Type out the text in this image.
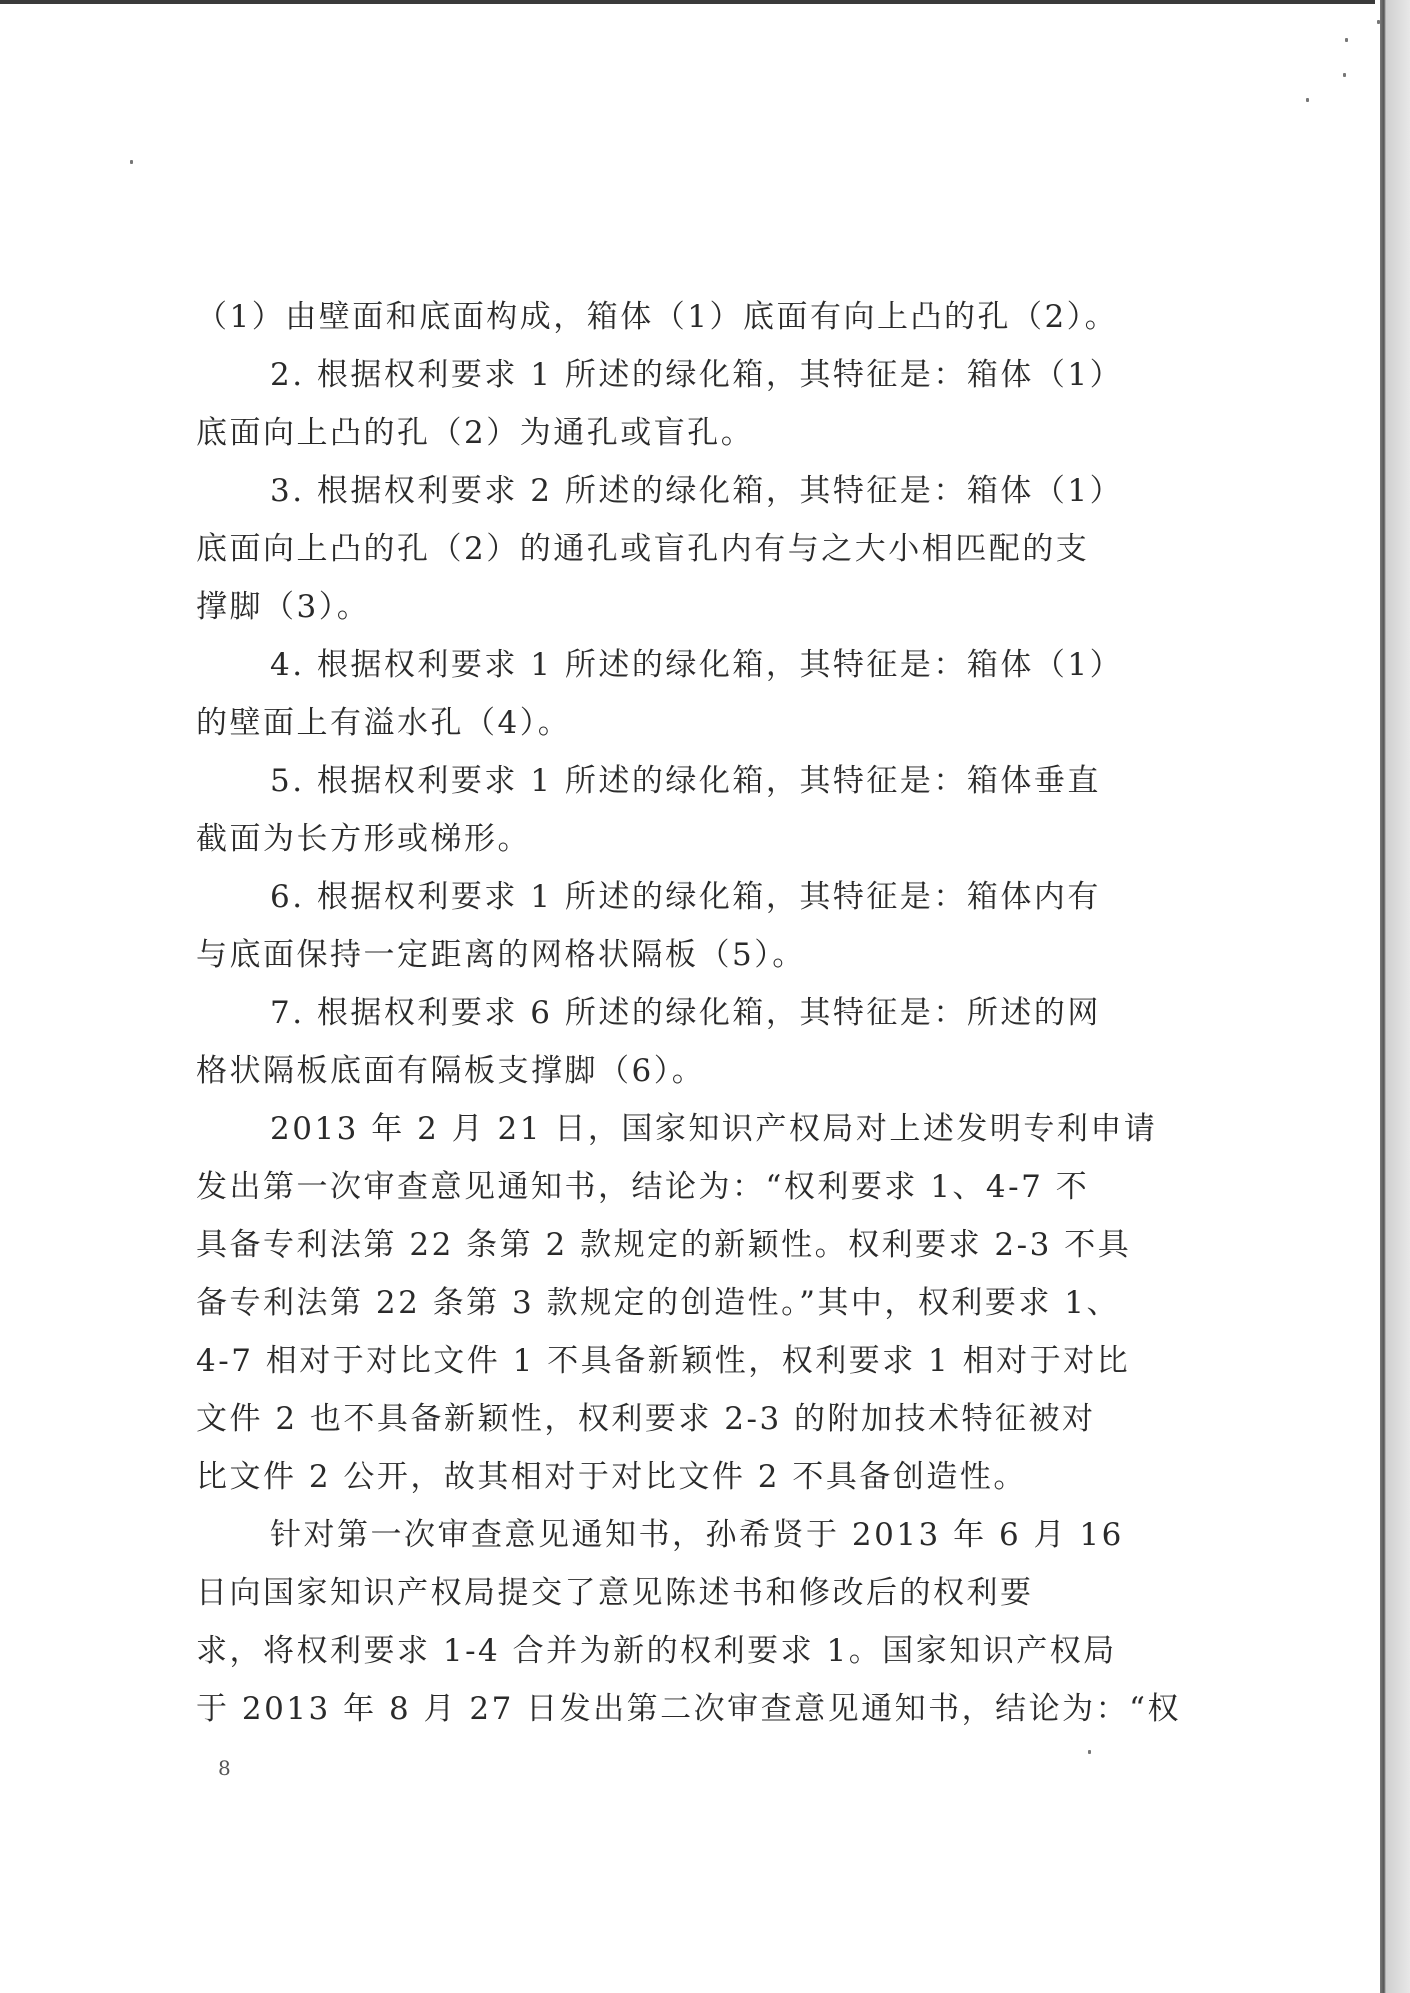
（1）由壁面和底面构成，箱体（1）底面有向上凸的孔（2）。
2. 根据权利要求 1 所述的绿化箱，其特征是：箱体（1）
底面向上凸的孔（2）为通孔或盲孔。
3. 根据权利要求 2 所述的绿化箱，其特征是：箱体（1）
底面向上凸的孔（2）的通孔或盲孔内有与之大小相匹配的支
撑脚（3）。
4. 根据权利要求 1 所述的绿化箱，其特征是：箱体（1）
的壁面上有溢水孔（4）。
5. 根据权利要求 1 所述的绿化箱，其特征是：箱体垂直
截面为长方形或梯形。
6. 根据权利要求 1 所述的绿化箱，其特征是：箱体内有
与底面保持一定距离的网格状隔板（5）。
7. 根据权利要求 6 所述的绿化箱，其特征是：所述的网
格状隔板底面有隔板支撑脚（6）。
2013 年 2 月 21 日，国家知识产权局对上述发明专利申请
发出第一次审查意见通知书，结论为：“权利要求 1、4-7 不
具备专利法第 22 条第 2 款规定的新颖性。权利要求 2-3 不具
备专利法第 22 条第 3 款规定的创造性。”其中，权利要求 1、
4-7 相对于对比文件 1 不具备新颖性，权利要求 1 相对于对比
文件 2 也不具备新颖性，权利要求 2-3 的附加技术特征被对
比文件 2 公开，故其相对于对比文件 2 不具备创造性。
针对第一次审查意见通知书，孙希贤于 2013 年 6 月 16
日向国家知识产权局提交了意见陈述书和修改后的权利要
求，将权利要求 1-4 合并为新的权利要求 1。国家知识产权局
于 2013 年 8 月 27 日发出第二次审查意见通知书，结论为：“权
8
